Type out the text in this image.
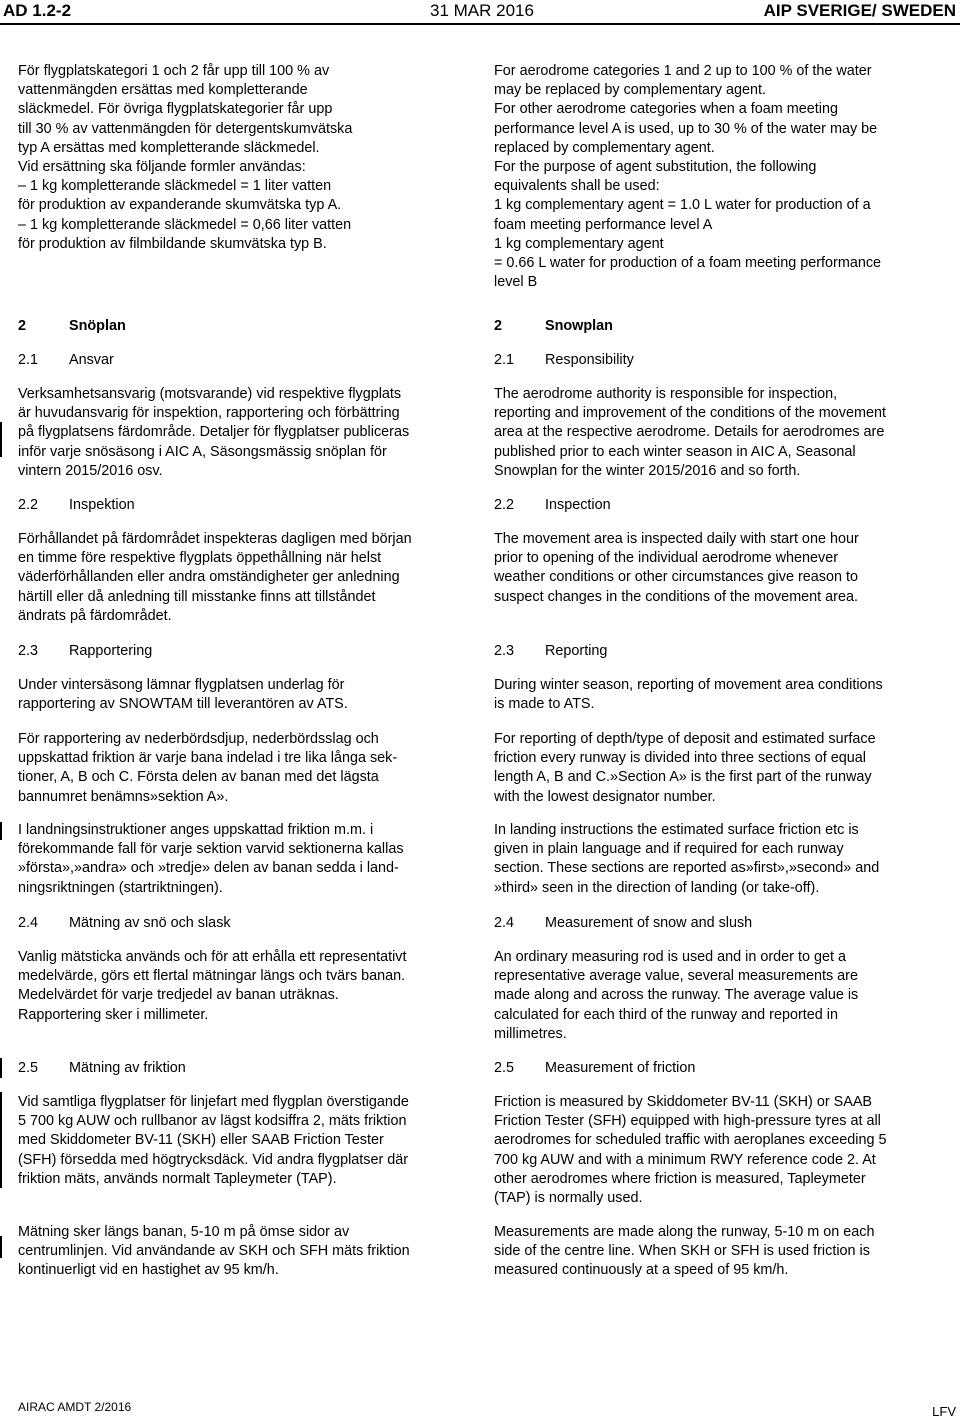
AD 1.2-2	31 MAR 2016	AIP SVERIGE/ SWEDEN

För flygplatskategori 1 och 2 får upp till 100 % av
vattenmängden ersättas med kompletterande
släckmedel. För övriga flygplatskategorier får upp
till 30 % av vattenmängden för detergentskumvätska
typ A ersättas med kompletterande släckmedel.
Vid ersättning ska följande formler användas:
– 1 kg kompletterande släckmedel = 1 liter vatten
för produktion av expanderande skumvätska typ A.
– 1 kg kompletterande släckmedel = 0,66 liter vatten
för produktion av filmbildande skumvätska typ B.

For aerodrome categories 1 and 2 up to 100 % of the water
may be replaced by complementary agent.
For other aerodrome categories when a foam meeting
performance level A is used, up to 30 % of the water may be
replaced by complementary agent.
For the purpose of agent substitution, the following
equivalents shall be used:
1 kg complementary agent = 1.0 L water for production of a
foam meeting performance level A
1 kg complementary agent
= 0.66 L water for production of a foam meeting performance
level B

2	Snöplan	2	Snowplan
2.1 Ansvar	2.1 Responsibility

Verksamhetsansvarig (motsvarande) vid respektive flygplats
är huvudansvarig för inspektion, rapportering och förbättring
på flygplatsens färdområde. Detaljer för flygplatser publiceras
inför varje snösäsong i AIC A, Säsongsmässig snöplan för
vintern 2015/2016 osv.

The aerodrome authority is responsible for inspection,
reporting and improvement of the conditions of the movement
area at the respective aerodrome. Details for aerodromes are
published prior to each winter season in AIC A, Seasonal
Snowplan for the winter 2015/2016 and so forth.

2.2 Inspektion	2.2 Inspection

Förhållandet på färdområdet inspekteras dagligen med början
en timme före respektive flygplats öppethållning när helst
väderförhållanden eller andra omständigheter ger anledning
härtill eller då anledning till misstanke finns att tillståndet
ändrats på färdområdet.

The movement area is inspected daily with start one hour
prior to opening of the individual aerodrome whenever
weather conditions or other circumstances give reason to
suspect changes in the conditions of the movement area.

2.3 Rapportering	2.3 Reporting

Under vintersäsong lämnar flygplatsen underlag för
rapportering av SNOWTAM till leverantören av ATS.

During winter season, reporting of movement area conditions
is made to ATS.

För rapportering av nederbördsdjup, nederbördsslag och
uppskattad friktion är varje bana indelad i tre lika långa sek-
tioner, A, B och C. Första delen av banan med det lägsta
bannumret benämns»sektion A».

For reporting of depth/type of deposit and estimated surface
friction every runway is divided into three sections of equal
length A, B and C.»Section A» is the first part of the runway
with the lowest designator number.

I landningsinstruktioner anges uppskattad friktion m.m. i
förekommande fall för varje sektion varvid sektionerna kallas
»första»,»andra» och »tredje» delen av banan sedda i land-
ningsriktningen (startriktningen).

In landing instructions the estimated surface friction etc is
given in plain language and if required for each runway
section. These sections are reported as»first»,»second» and
»third» seen in the direction of landing (or take-off).

2.4 Mätning av snö och slask	2.4 Measurement of snow and slush

Vanlig mätsticka används och för att erhålla ett representativt
medelvärde, görs ett flertal mätningar längs och tvärs banan.
Medelvärdet för varje tredjedel av banan uträknas.
Rapportering sker i millimeter.

An ordinary measuring rod is used and in order to get a
representative average value, several measurements are
made along and across the runway. The average value is
calculated for each third of the runway and reported in
millimetres.

2.5 Mätning av friktion	2.5 Measurement of friction

Vid samtliga flygplatser för linjefart med flygplan överstigande
5 700 kg AUW och rullbanor av lägst kodsiffra 2, mäts friktion
med Skiddometer BV-11 (SKH) eller SAAB Friction Tester
(SFH) försedda med högtrycksdäck. Vid andra flygplatser där
friktion mäts, används normalt Tapleymeter (TAP).

Friction is measured by Skiddometer BV-11 (SKH) or SAAB
Friction Tester (SFH) equipped with high-pressure tyres at all
aerodromes for scheduled traffic with aeroplanes exceeding 5
700 kg AUW and with a minimum RWY reference code 2. At
other aerodromes where friction is measured, Tapleymeter
(TAP) is normally used.

Mätning sker längs banan, 5-10 m på ömse sidor av
centrumlinjen. Vid användande av SKH och SFH mäts friktion
kontinuerligt vid en hastighet av 95 km/h.

Measurements are made along the runway, 5-10 m on each
side of the centre line. When SKH or SFH is used friction is
measured continuously at a speed of 95 km/h.

AIRAC AMDT 2/2016	LFV
